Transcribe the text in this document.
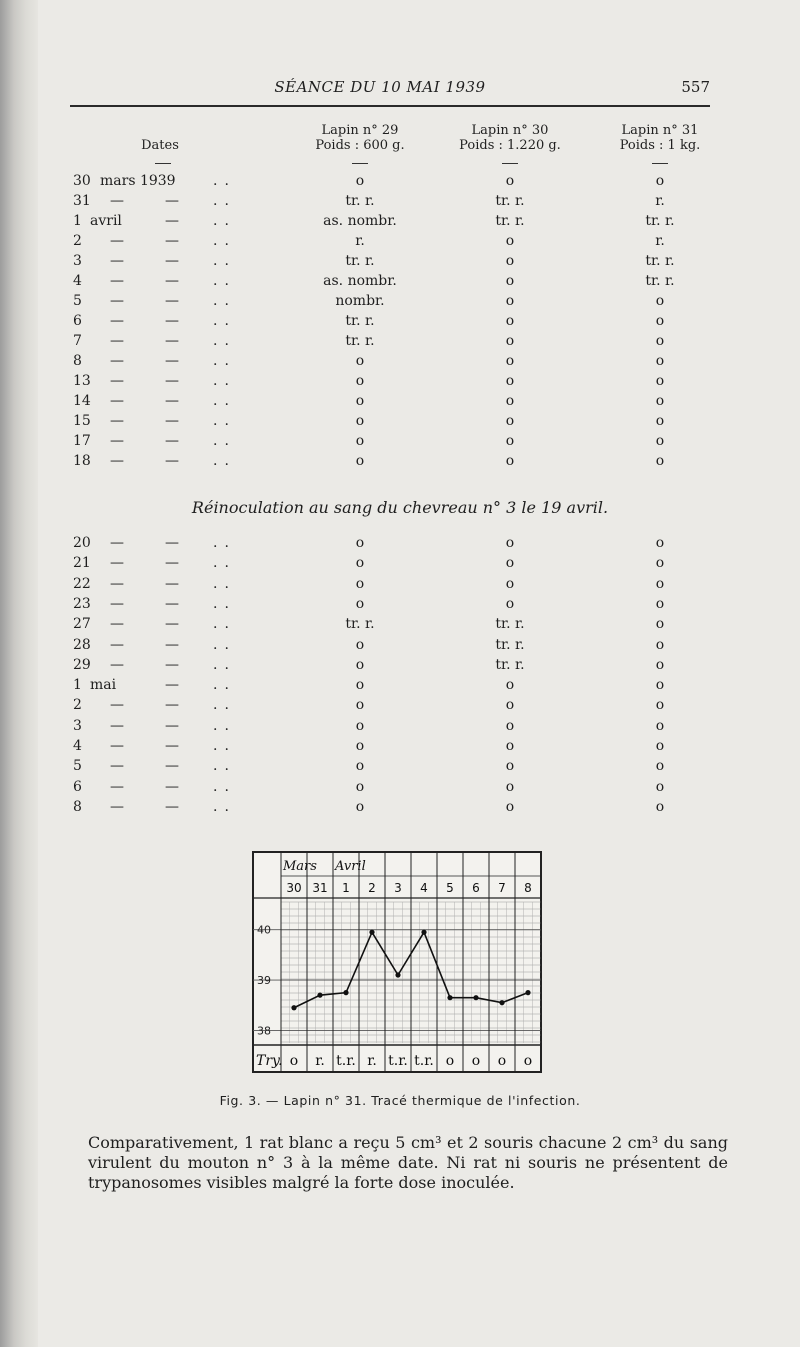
SÉANCE DU 10 MAI 1939	557
Dates
Lapin n° 29
Poids : 600 g.
Lapin n° 30
Poids : 1.220 g.
Lapin n° 31
Poids : 1 kg.
30 mars 1939	o	o	o
..
31	—	—	tr. r.	tr. r.	r.
..
1 avril	—	as. nombr.	tr. r.	tr. r.
..
2	—	—	r.	o	r.
..
3	—	—	tr. r.	o	tr. r.
..
4	—	—	as. nombr.	o	tr. r.
..
5	—	—	nombr.	o	o
..
6	—	—	tr. r.	o	o
..
7	—	—	tr. r.	o	o
..
8	—	—	o	o	o
..
13	—	—	o	o	o
..
14	—	—	o	o	o
..
15	—	—	o	o	o
..
17	—	—	o	o	o
..
18	—	—	o	o	o
..
Réinoculation au sang du chevreau n° 3 le 19 avril.
20	—	—	o	o	o
..
21	—	—	o	o	o
..
22	—	—	o	o	o
..
23	—	—	o	o	o
..
27	—	—	tr. r.	tr. r.	o
..
28	—	—	o	tr. r.	o
..
29	—	—	o	tr. r.	o
..
1 mai	—	o	o	o
..
2	—	—	o	o	o
..
3	—	—	o	o	o
..
4	—	—	o	o	o
..
5	—	—	o	o	o
..
6	—	—	o	o	o
..
8	—	—	o	o	o
..
40
39
38
Mars Avril
30 31 1 2 3 4 5 6 7 8
Try. o r. t.r. r. t.r. t.r. o o o o
Fig. 3. — Lapin n° 31. Tracé thermique de l'infection.
Comparativement, 1 rat blanc a reçu 5 cm³ et 2 souris chacune 2 cm³ du sang virulent du mouton n° 3 à la même date. Ni rat ni souris ne présentent de trypanosomes visibles malgré la forte dose inoculée.
